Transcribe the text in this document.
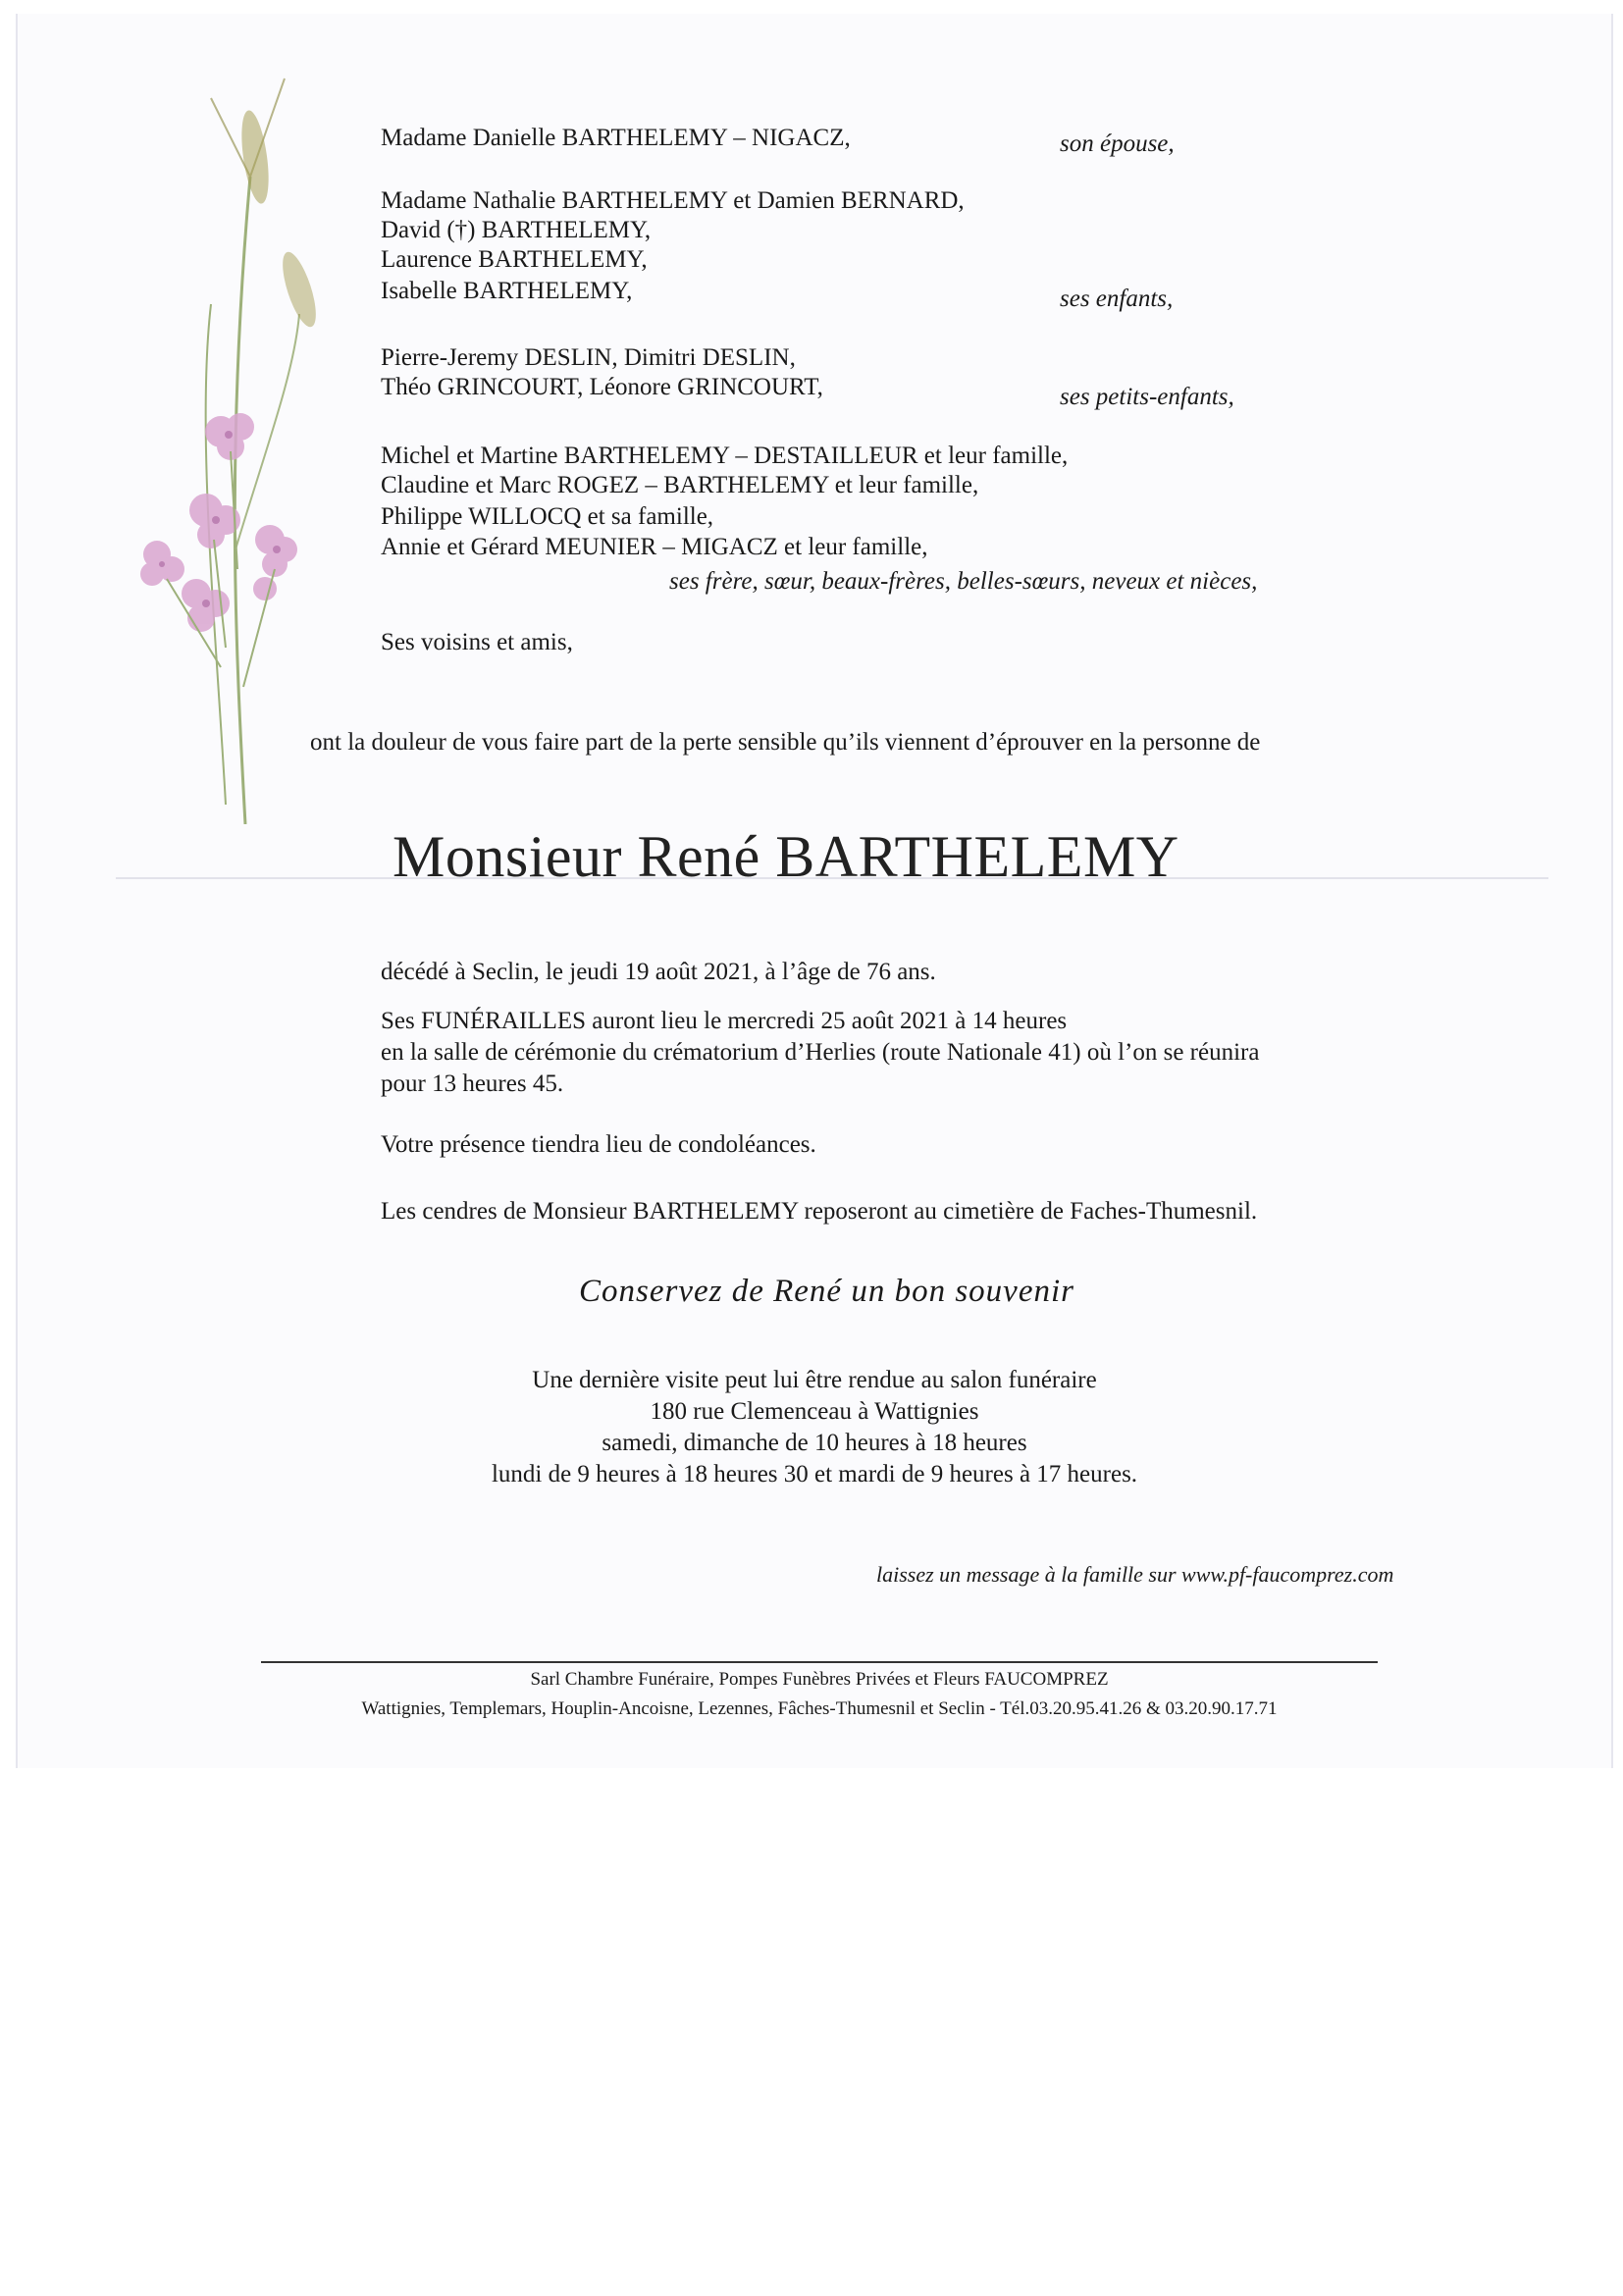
Madame Danielle BARTHELEMY – NIGACZ,	son épouse,
Madame Nathalie BARTHELEMY et Damien BERNARD,
David (†) BARTHELEMY,
Laurence BARTHELEMY,
Isabelle BARTHELEMY,	ses enfants,
Pierre-Jeremy DESLIN, Dimitri DESLIN,
Théo GRINCOURT, Léonore GRINCOURT,	ses petits-enfants,
Michel et Martine BARTHELEMY – DESTAILLEUR et leur famille,
Claudine et Marc ROGEZ – BARTHELEMY et leur famille,
Philippe WILLOCQ et sa famille,
Annie et Gérard MEUNIER – MIGACZ et leur famille,
ses frère, sœur, beaux-frères, belles-sœurs, neveux et nièces,
Ses voisins et amis,
ont la douleur de vous faire part de la perte sensible qu’ils viennent d’éprouver en la personne de
Monsieur René BARTHELEMY
décédé à Seclin, le jeudi 19 août 2021, à l’âge de 76 ans.
Ses FUNÉRAILLES auront lieu le mercredi 25 août 2021 à 14 heures
en la salle de cérémonie du crématorium d’Herlies (route Nationale 41) où l’on se réunira
pour 13 heures 45.
Votre présence tiendra lieu de condoléances.
Les cendres de Monsieur BARTHELEMY reposeront au cimetière de Faches-Thumesnil.
Conservez de René un bon souvenir
Une dernière visite peut lui être rendue au salon funéraire
180 rue Clemenceau à Wattignies
samedi, dimanche de 10 heures à 18 heures
lundi de 9 heures à 18 heures 30 et mardi de 9 heures à 17 heures.
laissez un message à la famille sur www.pf-faucomprez.com
Sarl Chambre Funéraire, Pompes Funèbres Privées et Fleurs FAUCOMPREZ
Wattignies, Templemars, Houplin-Ancoisne, Lezennes, Fâches-Thumesnil et Seclin - Tél.03.20.95.41.26 & 03.20.90.17.71
